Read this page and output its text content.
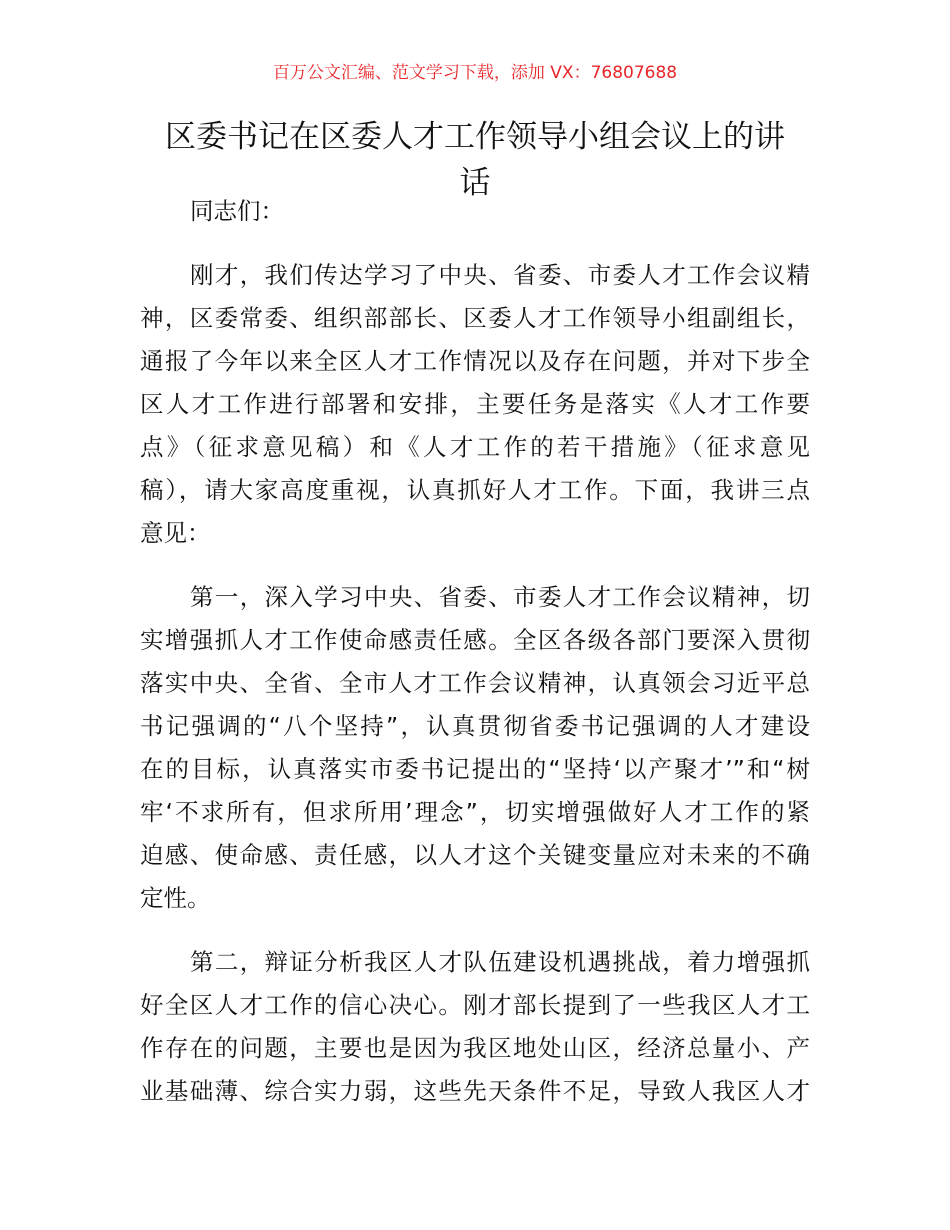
百万公文汇编、范文学习下载，添加 VX：76807688
区委书记在区委人才工作领导小组会议上的讲
话
同志们：
刚才，我们传达学习了中央、省委、市委人才工作会议精
神，区委常委、组织部部长、区委人才工作领导小组副组长，
通报了今年以来全区人才工作情况以及存在问题，并对下步全
区人才工作进行部署和安排，主要任务是落实《人才工作要
点》（征求意见稿）和《人才工作的若干措施》（征求意见
稿），请大家高度重视，认真抓好人才工作。下面，我讲三点
意见：
第一，深入学习中央、省委、市委人才工作会议精神，切
实增强抓人才工作使命感责任感。全区各级各部门要深入贯彻
落实中央、全省、全市人才工作会议精神，认真领会习近平总
书记强调的“八个坚持”，认真贯彻省委书记强调的人才建设
在的目标，认真落实市委书记提出的“坚持‘以产聚才’”和“树
牢‘不求所有，但求所用’理念”，切实增强做好人才工作的紧
迫感、使命感、责任感，以人才这个关键变量应对未来的不确
定性。
第二，辩证分析我区人才队伍建设机遇挑战，着力增强抓
好全区人才工作的信心决心。刚才部长提到了一些我区人才工
作存在的问题，主要也是因为我区地处山区，经济总量小、产
业基础薄、综合实力弱，这些先天条件不足，导致人我区人才
